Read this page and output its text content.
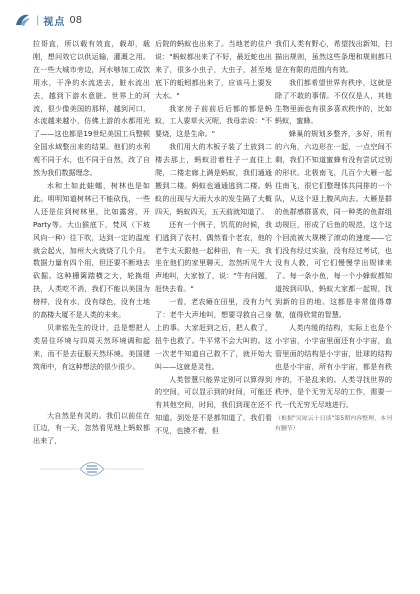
| 视点 08

拉哥直，所以载有效直，载却，载刚，想问效它以供运输，灌溉之用。在一些大城市旁边，河水够加工成饮用水，干净的水流进去，脏水流出去，越到下游水意脏。世界上的河流，很少像美国的那样，越到河口，水流越来越小，仿佛上游的水都用光了——这也都是19世纪美国工兵整顿全国水域整出来的结果。他们的水利观不同于水，也不同于自然，改了自然为我们数据理念。

水和土如此蛙蠕，树林也是如此。明明知道树林已不能砍伐，一些人还是住到树林里，比如露营，开Party等。大山猴底下，梵风（下坡风向一种）往下吹，达到一定的温度就会起火，加州大火就烧了几个月。数据力量有四个用，但还要不断地去砍掘。这种栅篱踏横之大，轮换组抉，人类吃不消，我们不能以美国为榜样，没有水，没有绿色，没有土地的高楼大厦不是人类的未来。

贝聿铭先生的设计，总是想把人类居住环境与四周天然环境调和起来，而不是去征服天然环境。美国建筑师中，有这种想法的很少很少。

大自然是有灵的。我们以前住在江边，有一天，忽然看见地上蚂蚁都出来了，

后院的蚂蚁也出来了。当地老的住户说："蚂蚁都出来了不好，最近蛇也出来了，很多小虫子，大虫子，甚至地底下的蚯蚓都出来了，应该马上要发大水。"

我家房子前前后后都的都是蚂蚁，工人要草火灭呢，我母亲说："不要烧，这是生命。"

我们用大的木板子装了土放到二楼去那上，蚂蚁沿着柱子一直往上爬，二楼走廊上满是蚂蚁，我们通通搬到二楼。蚂蚁也通通逃到二楼。蚂蚁的出现与大雨大水的发生隔了大概四天，蚂蚁四天，五天前就知道了。

还有一个例子，饥荒的时候，我们逃到了农村，偶然看个老农，他的老牛太天跟他一起种田，有一天，我坐在他们的家里聊天，忽然听见牛大声地叫，大家惊了，说："牛有问题，赶快去看。"

一看，老农瘫在田里，没有力气了：老牛大声地叫，想要寻救自己身上的事。大家赶到之后，把人救了，扭牛也救了。牛平常不会大叫的。这一次老牛知道自己救不了，就开始大叫——这就是灵性。

人类智慧只能界定别可以算得到的空间，可以显示到的时间，可能还有其他空间，时间，我们到现在还不知道。到处是不是都知道了，我们看不见，也摸不着，但

我们人类有野心，希望找出新知，扫描出规则，虽然这些条理和规则都只是在有限的范围内有效。

我们都希望世界有秩序，这就是除了不敢的事情。不仅仅是人，其他生物里面也有很多喜欢秩序的，比如蚂蚁，蜜蜂。

蜂巢的规划多整齐，多好，所有的六角，六边形在一起，一点空间不剩，我们不知道蜜蜂有没有尝试过别的形状。北极南飞，几百个大雁一起往南飞，很它们整理体共同排的一个队，从这个迎上腹风向去。大雁是群的鱼群感群喜欢，同一种类的鱼群组动规巨，形成了后鱼的规范，这个这个回流被大规模了滚动的速度——它们没有经过实验，没有经过考试，也没有人教，可它们慢慢学出规律来了。每一条小鱼，每一个小蜂蚁都知道按到印队，蚂蚁大家都一起规，找到新的目的地。这都是非常值得尊敬，值得欣赏的智慧。

人类内缓的结构，实际上也是个小宇宙，小宇宙里面还有小宇宙，血管里面的结构是小宇宙，肚球的结构也是小宇宙，所有小宇宙，都是有秩序的，不是乱来的。人类寻找世界的秩序，是个无穷无尽的工作，需要一代一代无穷无尽地进行。

（根据"吴琼云十日谈"第5期内容整理，本刊有删节）
